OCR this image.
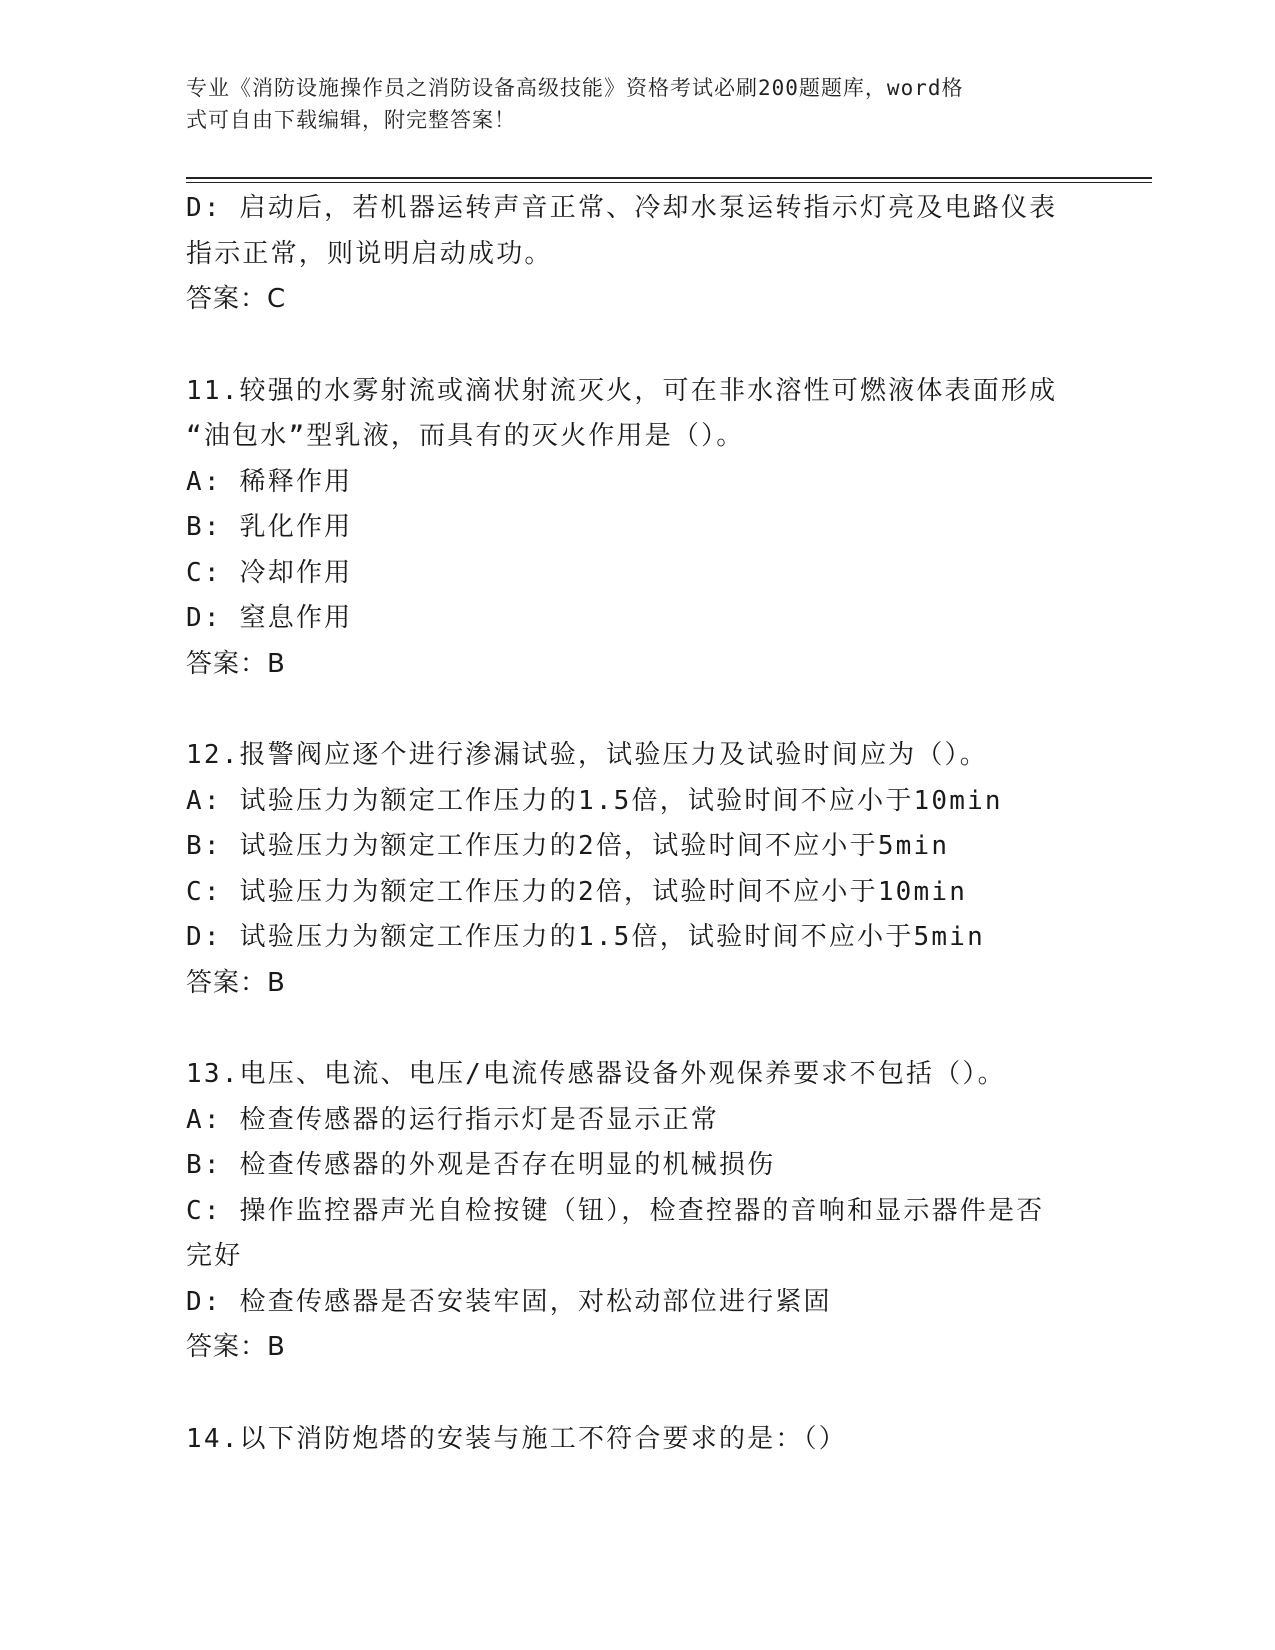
专业《消防设施操作员之消防设备高级技能》资格考试必刷200题题库，word格
式可自由下载编辑，附完整答案！
D: 启动后，若机器运转声音正常、冷却水泵运转指示灯亮及电路仪表
指示正常，则说明启动成功。
答案：C
11.较强的水雾射流或滴状射流灭火，可在非水溶性可燃液体表面形成
“油包水”型乳液，而具有的灭火作用是（）。
A: 稀释作用
B: 乳化作用
C: 冷却作用
D: 窒息作用
答案：B
12.报警阀应逐个进行渗漏试验，试验压力及试验时间应为（）。
A: 试验压力为额定工作压力的1.5倍，试验时间不应小于10min
B: 试验压力为额定工作压力的2倍，试验时间不应小于5min
C: 试验压力为额定工作压力的2倍，试验时间不应小于10min
D: 试验压力为额定工作压力的1.5倍，试验时间不应小于5min
答案：B
13.电压、电流、电压/电流传感器设备外观保养要求不包括（）。
A: 检查传感器的运行指示灯是否显示正常
B: 检查传感器的外观是否存在明显的机械损伤
C: 操作监控器声光自检按键（钮），检查控器的音响和显示器件是否
完好
D: 检查传感器是否安装牢固，对松动部位进行紧固
答案：B
14.以下消防炮塔的安装与施工不符合要求的是：（）
